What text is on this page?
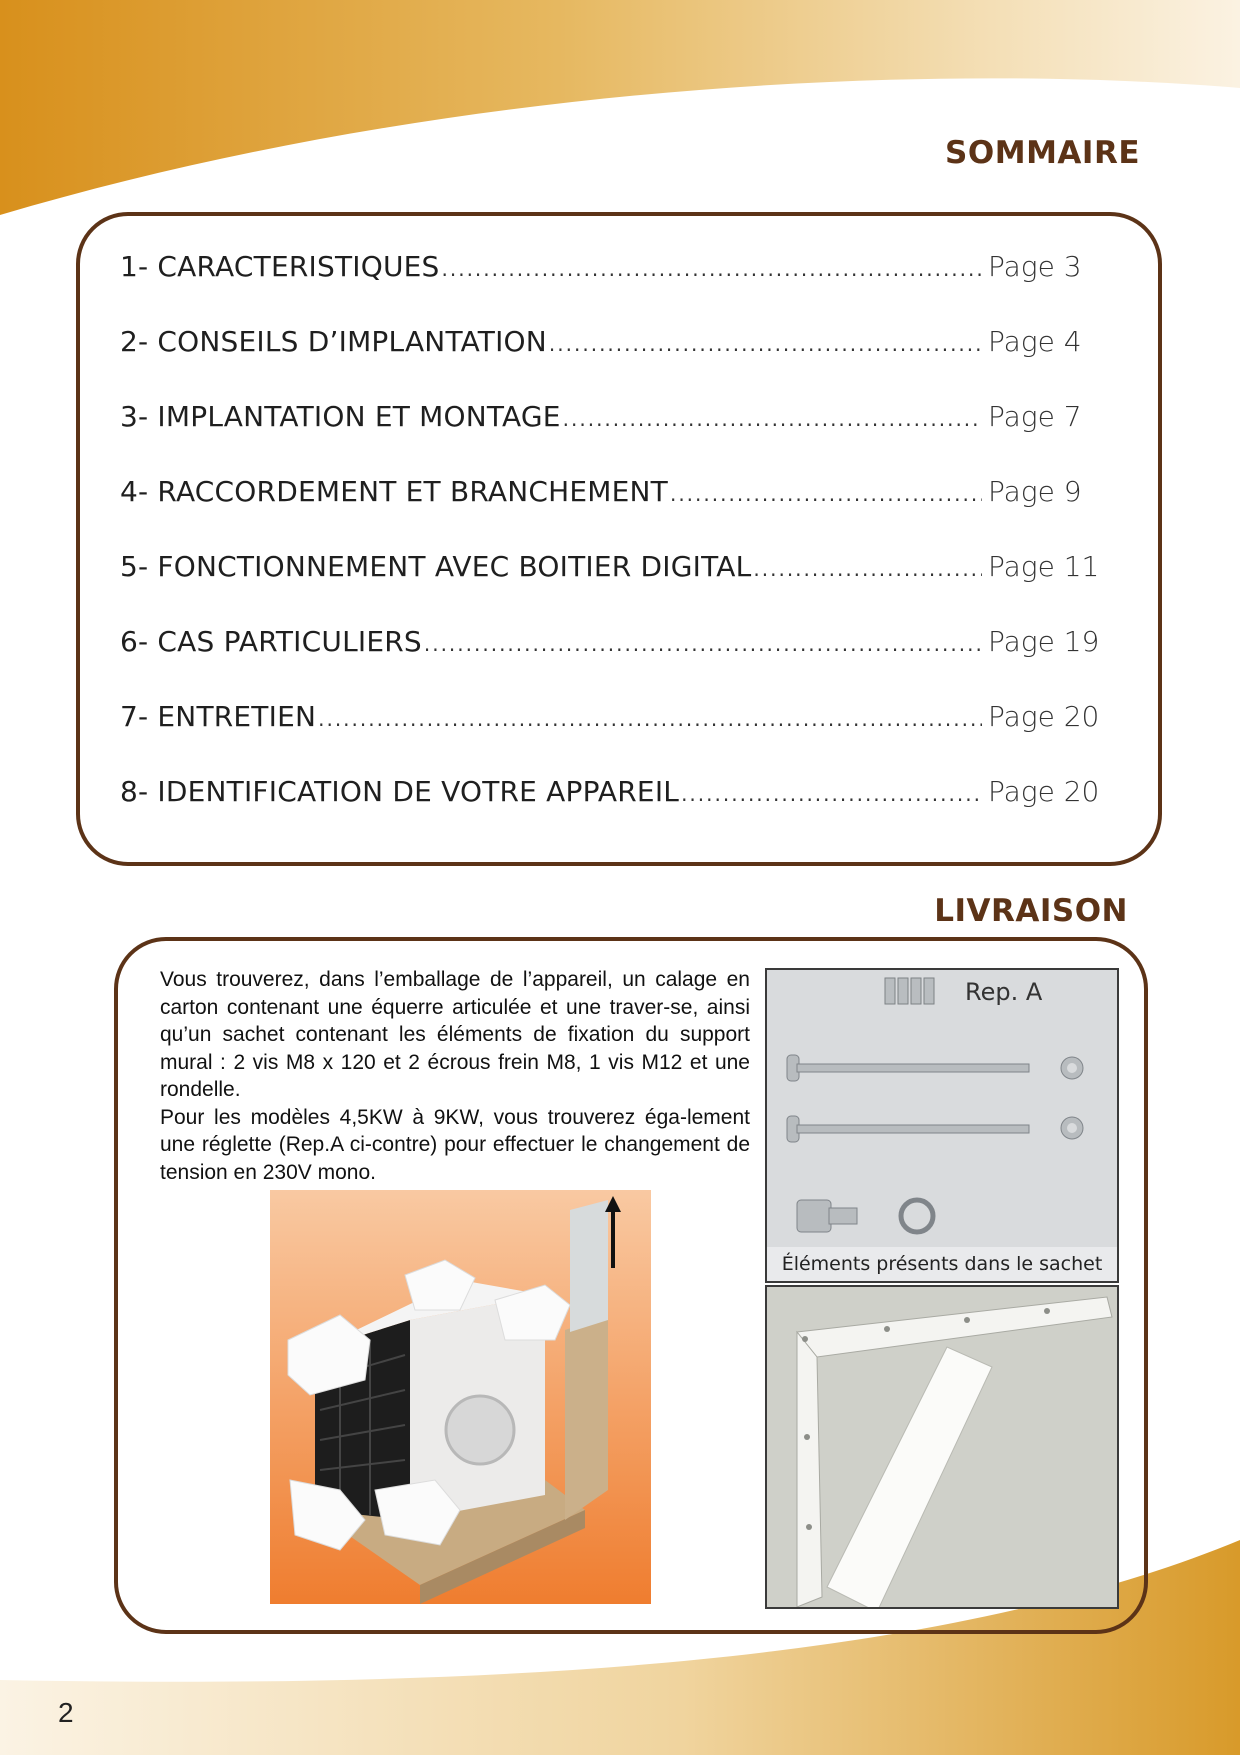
SOMMAIRE
1- CARACTERISTIQUES .....	Page 3
2- CONSEILS D’IMPLANTATION .....	Page 4
3- IMPLANTATION ET MONTAGE .....	Page 7
4- RACCORDEMENT ET BRANCHEMENT .....	Page 9
5- FONCTIONNEMENT AVEC BOITIER DIGITAL .....	Page 11
6- CAS PARTICULIERS .....	Page 19
7- ENTRETIEN .....	Page 20
8- IDENTIFICATION DE VOTRE APPAREIL .....	Page 20
LIVRAISON

Vous trouverez, dans l’emballage de l’appareil, un calage en carton contenant une équerre articulée et une traver-se, ainsi qu’un sachet contenant les éléments de fixation du support mural : 2 vis M8 x 120 et 2 écrous frein M8, 1 vis M12 et une rondelle.

Pour les modèles 4,5KW à 9KW, vous trouverez éga-lement une réglette (Rep.A ci-contre) pour effectuer le changement de tension en 230V mono.

Rep. A
Éléments présents dans le sachet
2
